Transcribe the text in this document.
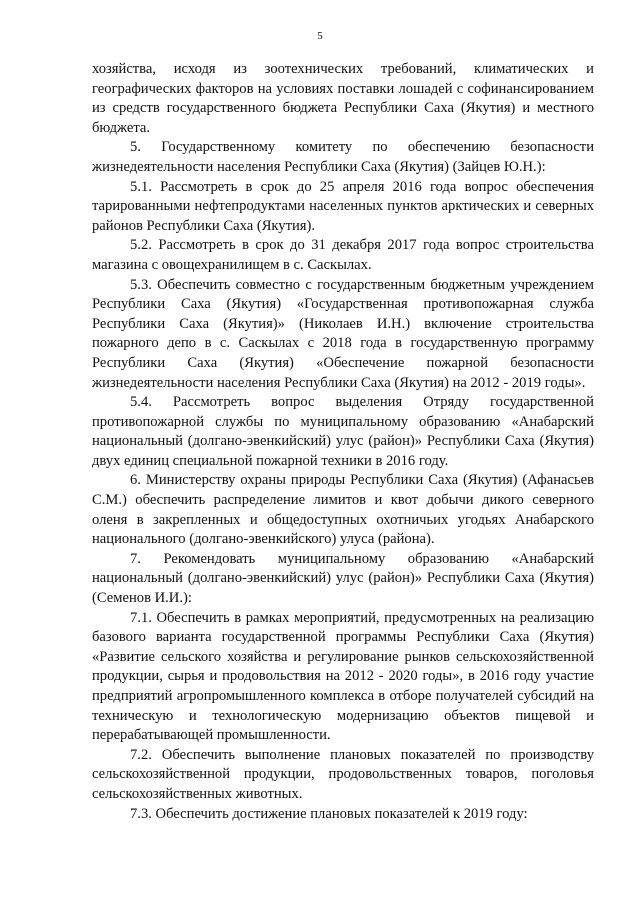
5

хозяйства, исходя из зоотехнических требований, климатических и географических факторов на условиях поставки лошадей с софинансированием из средств государственного бюджета Республики Саха (Якутия) и местного бюджета.

5. Государственному комитету по обеспечению безопасности жизнедеятельности населения Республики Саха (Якутия) (Зайцев Ю.Н.):

5.1. Рассмотреть в срок до 25 апреля 2016 года вопрос обеспечения тарированными нефтепродуктами населенных пунктов арктических и северных районов Республики Саха (Якутия).

5.2. Рассмотреть в срок до 31 декабря 2017 года вопрос строительства магазина с овощехранилищем в с. Саскылах.

5.3. Обеспечить совместно с государственным бюджетным учреждением Республики Саха (Якутия) «Государственная противопожарная служба Республики Саха (Якутия)» (Николаев И.Н.) включение строительства пожарного депо в с. Саскылах с 2018 года в государственную программу Республики Саха (Якутия) «Обеспечение пожарной безопасности жизнедеятельности населения Республики Саха (Якутия) на 2012 - 2019 годы».

5.4. Рассмотреть вопрос выделения Отряду государственной противопожарной службы по муниципальному образованию «Анабарский национальный (долгано-эвенкийский) улус (район)» Республики Саха (Якутия) двух единиц специальной пожарной техники в 2016 году.

6. Министерству охраны природы Республики Саха (Якутия) (Афанасьев С.М.) обеспечить распределение лимитов и квот добычи дикого северного оленя в закрепленных и общедоступных охотничьих угодьях Анабарского национального (долгано-эвенкийского) улуса (района).

7. Рекомендовать муниципальному образованию «Анабарский национальный (долгано-эвенкийский) улус (район)» Республики Саха (Якутия) (Семенов И.И.):

7.1. Обеспечить в рамках мероприятий, предусмотренных на реализацию базового варианта государственной программы Республики Саха (Якутия) «Развитие сельского хозяйства и регулирование рынков сельскохозяйственной продукции, сырья и продовольствия на 2012 - 2020 годы», в 2016 году участие предприятий агропромышленного комплекса в отборе получателей субсидий на техническую и технологическую модернизацию объектов пищевой и перерабатывающей промышленности.

7.2. Обеспечить выполнение плановых показателей по производству сельскохозяйственной продукции, продовольственных товаров, поголовья сельскохозяйственных животных.

7.3. Обеспечить достижение плановых показателей к 2019 году:
